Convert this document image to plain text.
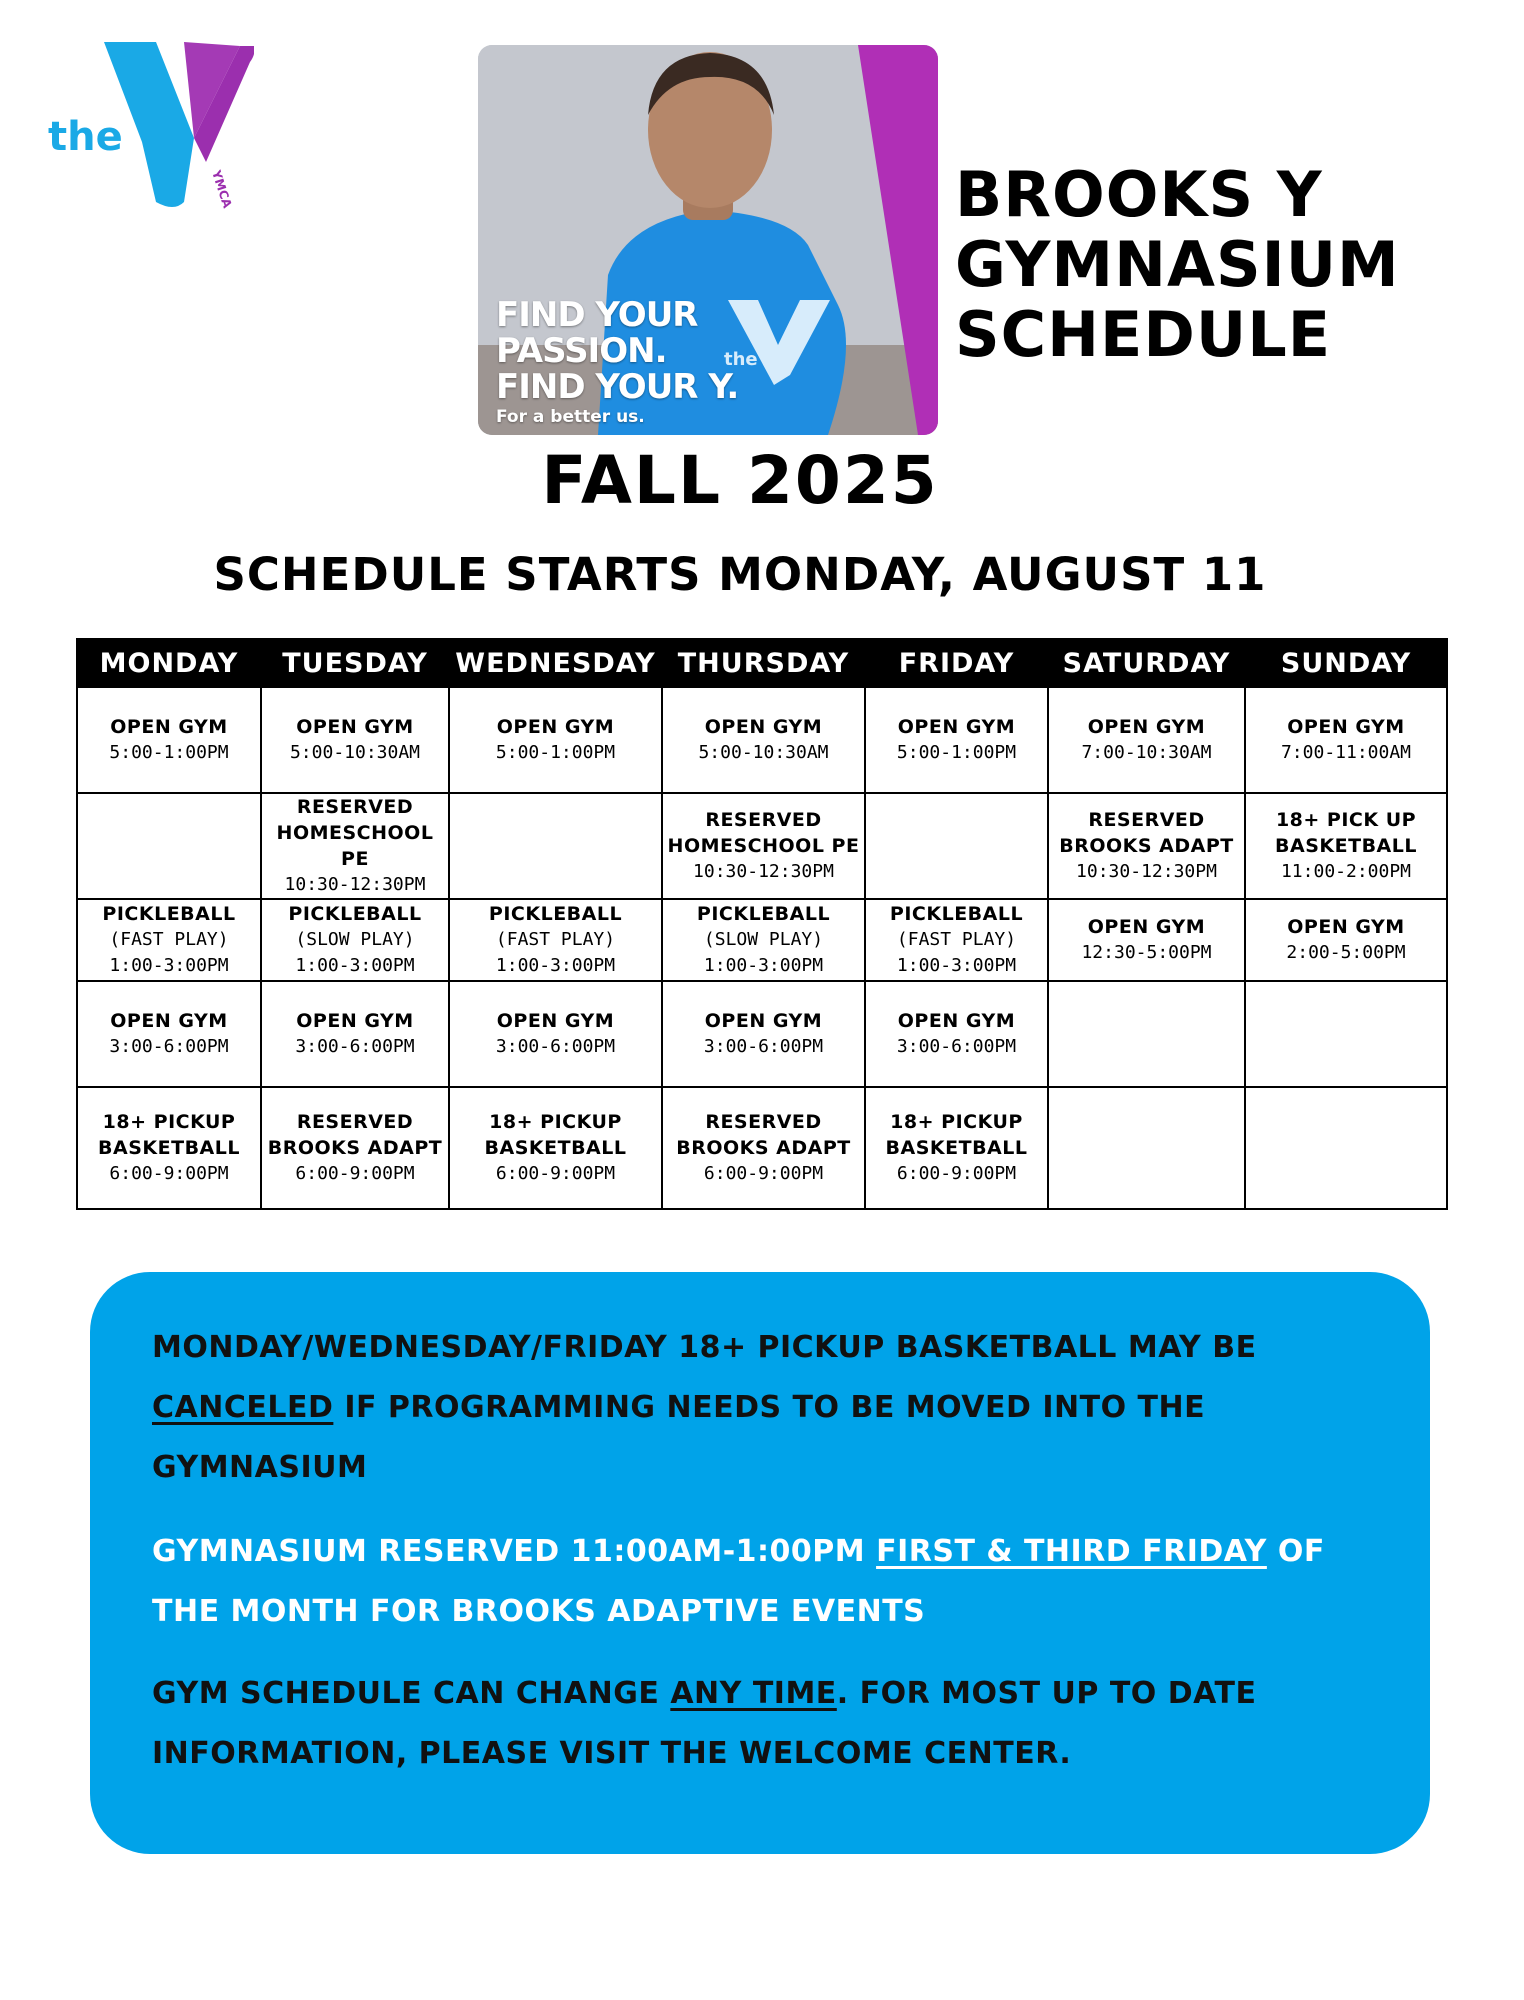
the
YMCA
the
FIND YOUR
PASSION.
FIND YOUR Y.
For a better us.
BROOKS Y
GYMNASIUM
SCHEDULE
FALL 2025
SCHEDULE STARTS MONDAY, AUGUST 11
MONDAY	TUESDAY	WEDNESDAY	THURSDAY	FRIDAY	SATURDAY	SUNDAY

OPEN GYM
5:00-1:00PM	OPEN GYM
5:00-10:30AM	OPEN GYM
5:00-1:00PM	OPEN GYM
5:00-10:30AM	OPEN GYM
5:00-1:00PM	OPEN GYM
7:00-10:30AM	OPEN GYM
7:00-11:00AM

	RESERVED
HOMESCHOOL PE
10:30-12:30PM		RESERVED
HOMESCHOOL PE
10:30-12:30PM		RESERVED
BROOKS ADAPT
10:30-12:30PM	18+ PICK UP
BASKETBALL
11:00-2:00PM

PICKLEBALL
(FAST PLAY)
1:00-3:00PM	PICKLEBALL
(SLOW PLAY)
1:00-3:00PM	PICKLEBALL
(FAST PLAY)
1:00-3:00PM	PICKLEBALL
(SLOW PLAY)
1:00-3:00PM	PICKLEBALL
(FAST PLAY)
1:00-3:00PM	OPEN GYM
12:30-5:00PM	OPEN GYM
2:00-5:00PM

OPEN GYM
3:00-6:00PM	OPEN GYM
3:00-6:00PM	OPEN GYM
3:00-6:00PM	OPEN GYM
3:00-6:00PM	OPEN GYM
3:00-6:00PM		

18+ PICKUP
BASKETBALL
6:00-9:00PM	RESERVED
BROOKS ADAPT
6:00-9:00PM	18+ PICKUP
BASKETBALL
6:00-9:00PM	RESERVED
BROOKS ADAPT
6:00-9:00PM	18+ PICKUP
BASKETBALL
6:00-9:00PM		

MONDAY/WEDNESDAY/FRIDAY 18+ PICKUP BASKETBALL MAY BE
CANCELED IF PROGRAMMING NEEDS TO BE MOVED INTO THE GYMNASIUM

GYMNASIUM RESERVED 11:00AM-1:00PM FIRST & THIRD FRIDAY OF THE MONTH FOR BROOKS ADAPTIVE EVENTS

GYM SCHEDULE CAN CHANGE ANY TIME. FOR MOST UP TO DATE INFORMATION, PLEASE VISIT THE WELCOME CENTER.
